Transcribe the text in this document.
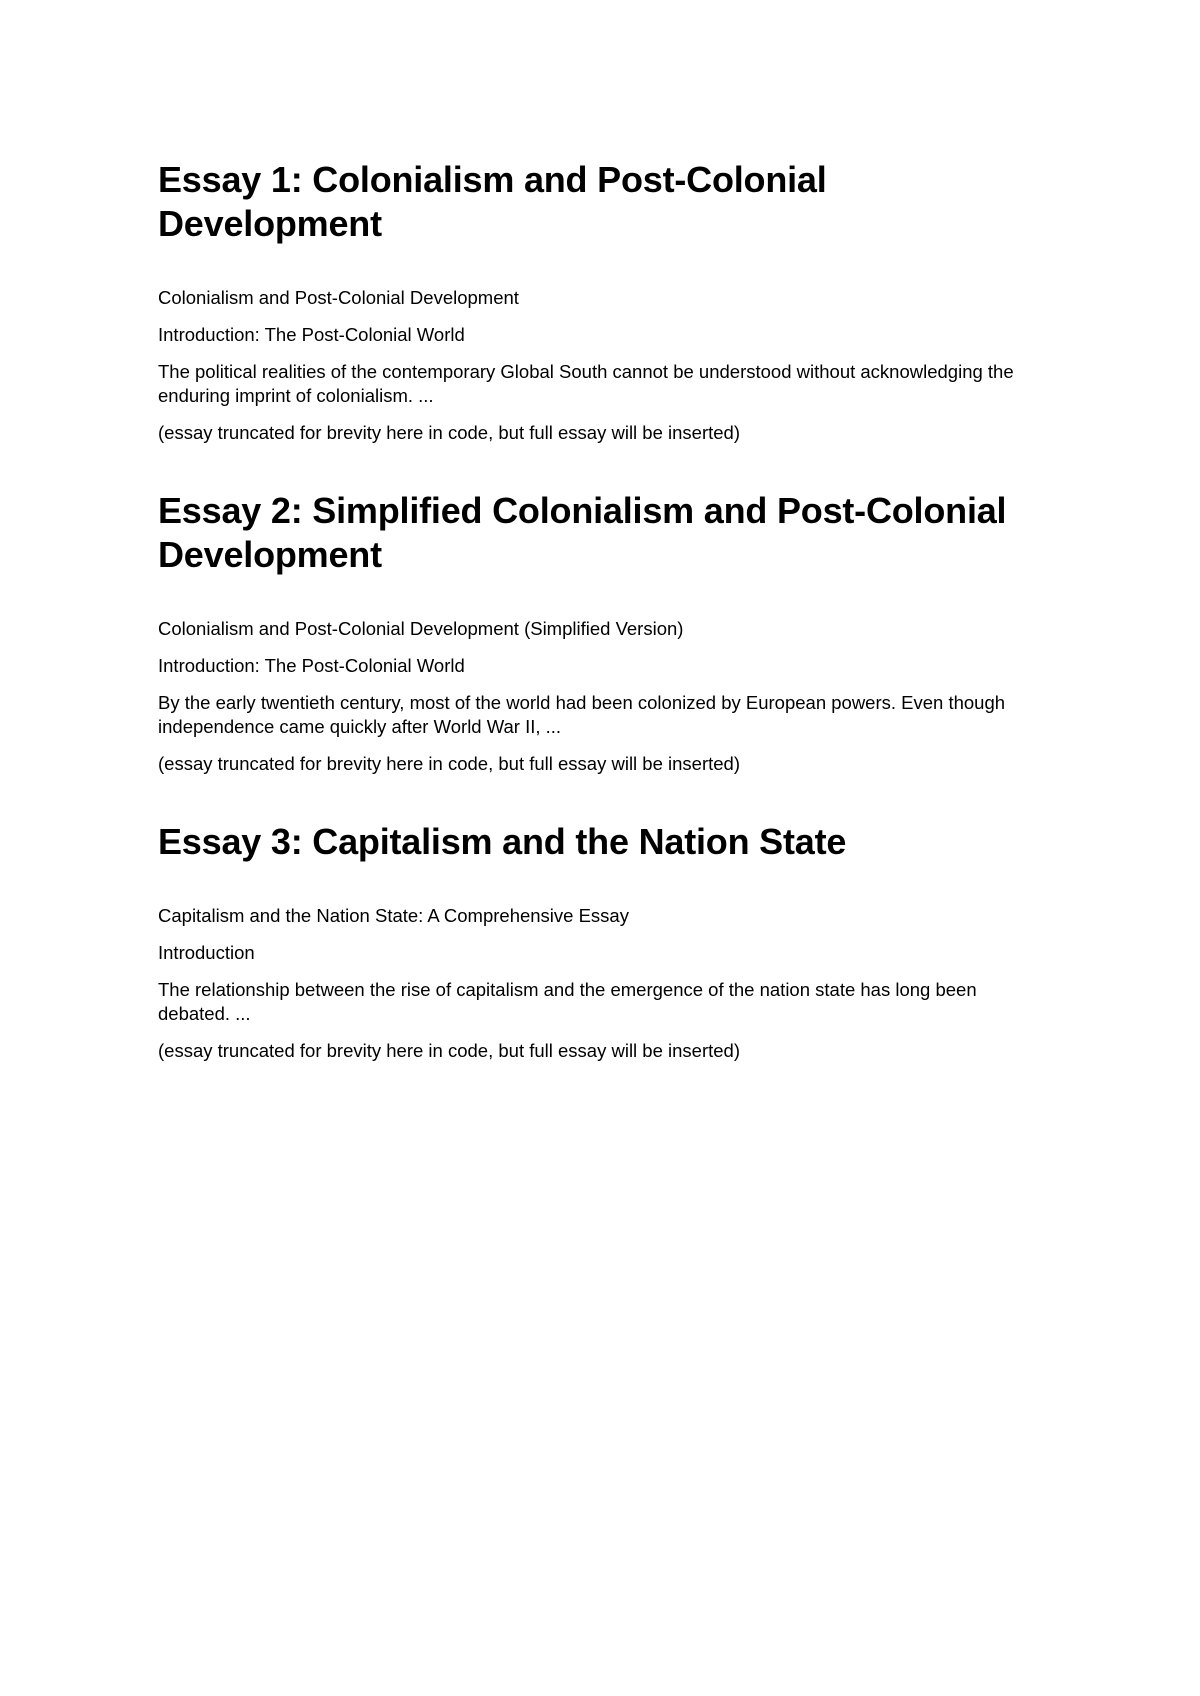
Essay 1: Colonialism and Post-Colonial Development

Colonialism and Post-Colonial Development

Introduction: The Post-Colonial World

The political realities of the contemporary Global South cannot be understood without acknowledging the enduring imprint of colonialism. ...

(essay truncated for brevity here in code, but full essay will be inserted)

Essay 2: Simplified Colonialism and Post-Colonial Development

Colonialism and Post-Colonial Development (Simplified Version)

Introduction: The Post-Colonial World

By the early twentieth century, most of the world had been colonized by European powers. Even though independence came quickly after World War II, ...

(essay truncated for brevity here in code, but full essay will be inserted)

Essay 3: Capitalism and the Nation State

Capitalism and the Nation State: A Comprehensive Essay

Introduction

The relationship between the rise of capitalism and the emergence of the nation state has long been debated. ...

(essay truncated for brevity here in code, but full essay will be inserted)
